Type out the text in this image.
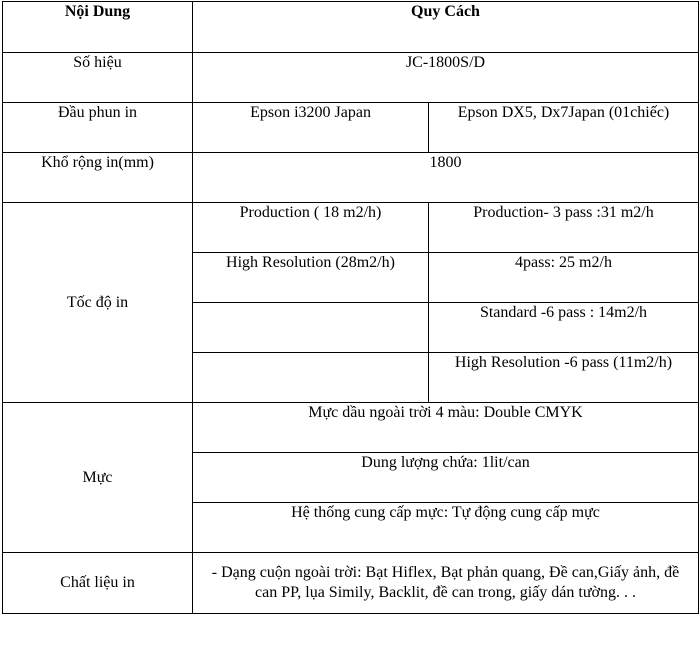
Nội Dung	Quy Cách	
Số hiệu	JC-1800S/D	
Đầu phun in	Epson i3200 Japan	Epson DX5, Dx7Japan (01chiếc)
Khổ rộng in(mm)	1800	
Tốc độ in	Production ( 18 m2/h)	Production- 3 pass :31 m2/h
	High Resolution (28m2/h)	4pass: 25 m2/h
		Standard -6 pass : 14m2/h
		High Resolution -6 pass (11m2/h)
Mực	Mực dầu ngoài trời 4 màu: Double CMYK	
	Dung lượng chứa: 1lit/can	
	Hệ thống cung cấp mực: Tự động cung cấp mực	
Chất liệu in	- Dạng cuộn ngoài trời: Bạt Hiflex, Bạt phản quang, Đề can,Giấy ảnh, đề can PP, lụa Simily, Backlit, đề can trong, giấy dán tường. . .	
